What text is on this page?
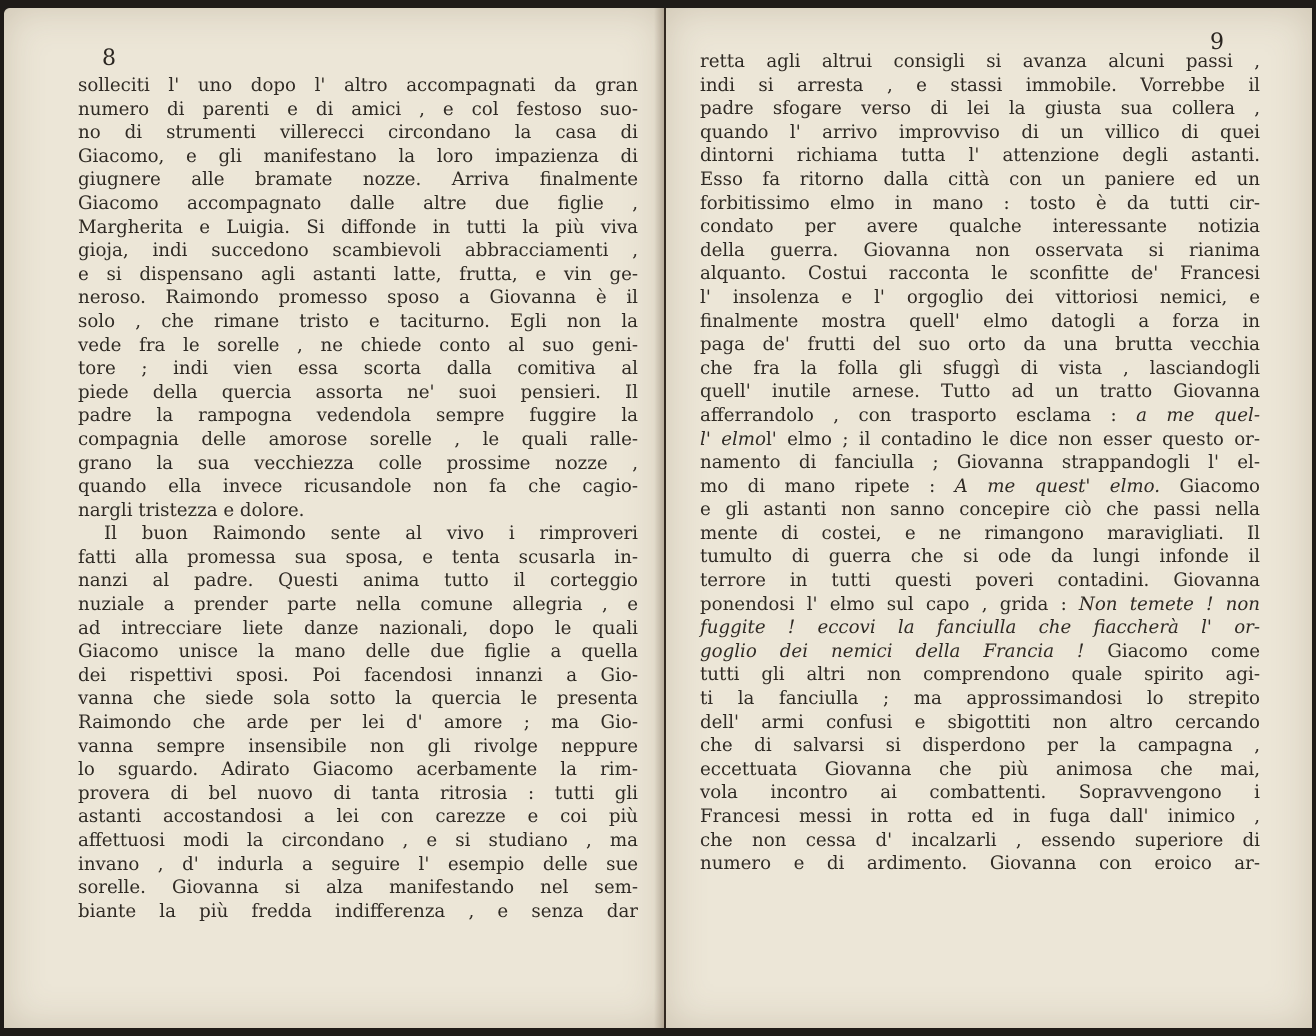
8
solleciti l' uno dopo l' altro accompagnati da gran
numero di parenti e di amici , e col festoso suo-
no di strumenti villerecci circondano la casa di
Giacomo, e gli manifestano la loro impazienza di
giugnere alle bramate nozze. Arriva finalmente
Giacomo accompagnato dalle altre due figlie ,
Margherita e Luigia. Si diffonde in tutti la più viva
gioja, indi succedono scambievoli abbracciamenti ,
e si dispensano agli astanti latte, frutta, e vin ge-
neroso. Raimondo promesso sposo a Giovanna è il
solo , che rimane tristo e taciturno. Egli non la
vede fra le sorelle , ne chiede conto al suo geni-
tore ; indi vien essa scorta dalla comitiva al
piede della quercia assorta ne' suoi pensieri. Il
padre la rampogna vedendola sempre fuggire la
compagnia delle amorose sorelle , le quali ralle-
grano la sua vecchiezza colle prossime nozze ,
quando ella invece ricusandole non fa che cagio-
nargli tristezza e dolore.
Il buon Raimondo sente al vivo i rimproveri
fatti alla promessa sua sposa, e tenta scusarla in-
nanzi al padre. Questi anima tutto il corteggio
nuziale a prender parte nella comune allegria , e
ad intrecciare liete danze nazionali, dopo le quali
Giacomo unisce la mano delle due figlie a quella
dei rispettivi sposi. Poi facendosi innanzi a Gio-
vanna che siede sola sotto la quercia le presenta
Raimondo che arde per lei d' amore ; ma Gio-
vanna sempre insensibile non gli rivolge neppure
lo sguardo. Adirato Giacomo acerbamente la rim-
provera di bel nuovo di tanta ritrosia : tutti gli
astanti accostandosi a lei con carezze e coi più
affettuosi modi la circondano , e si studiano , ma
invano , d' indurla a seguire l' esempio delle sue
sorelle. Giovanna si alza manifestando nel sem-
biante la più fredda indifferenza , e senza dar
9
retta agli altrui consigli si avanza alcuni passi ,
indi si arresta , e stassi immobile. Vorrebbe il
padre sfogare verso di lei la giusta sua collera ,
quando l' arrivo improvviso di un villico di quei
dintorni richiama tutta l' attenzione degli astanti.
Esso fa ritorno dalla città con un paniere ed un
forbitissimo elmo in mano : tosto è da tutti cir-
condato per avere qualche interessante notizia
della guerra. Giovanna non osservata si rianima
alquanto. Costui racconta le sconfitte de' Francesi
l' insolenza e l' orgoglio dei vittoriosi nemici, e
finalmente mostra quell' elmo datogli a forza in
paga de' frutti del suo orto da una brutta vecchia
che fra la folla gli sfuggì di vista , lasciandogli
quell' inutile arnese. Tutto ad un tratto Giovanna
afferrandolo , con trasporto esclama : a me quel-
l' elmol' elmo ; il contadino le dice non esser questo or-
namento di fanciulla ; Giovanna strappandogli l' el-
mo di mano ripete : A me quest' elmo. Giacomo
e gli astanti non sanno concepire ciò che passi nella
mente di costei, e ne rimangono maravigliati. Il
tumulto di guerra che si ode da lungi infonde il
terrore in tutti questi poveri contadini. Giovanna
ponendosi l' elmo sul capo , grida : Non temete ! non
fuggite ! eccovi la fanciulla che fiaccherà l' or-
goglio dei nemici della Francia ! Giacomo come
tutti gli altri non comprendono quale spirito agi-
ti la fanciulla ; ma approssimandosi lo strepito
dell' armi confusi e sbigottiti non altro cercando
che di salvarsi si disperdono per la campagna ,
eccettuata Giovanna che più animosa che mai,
vola incontro ai combattenti. Sopravvengono i
Francesi messi in rotta ed in fuga dall' inimico ,
che non cessa d' incalzarli , essendo superiore di
numero e di ardimento. Giovanna con eroico ar-
